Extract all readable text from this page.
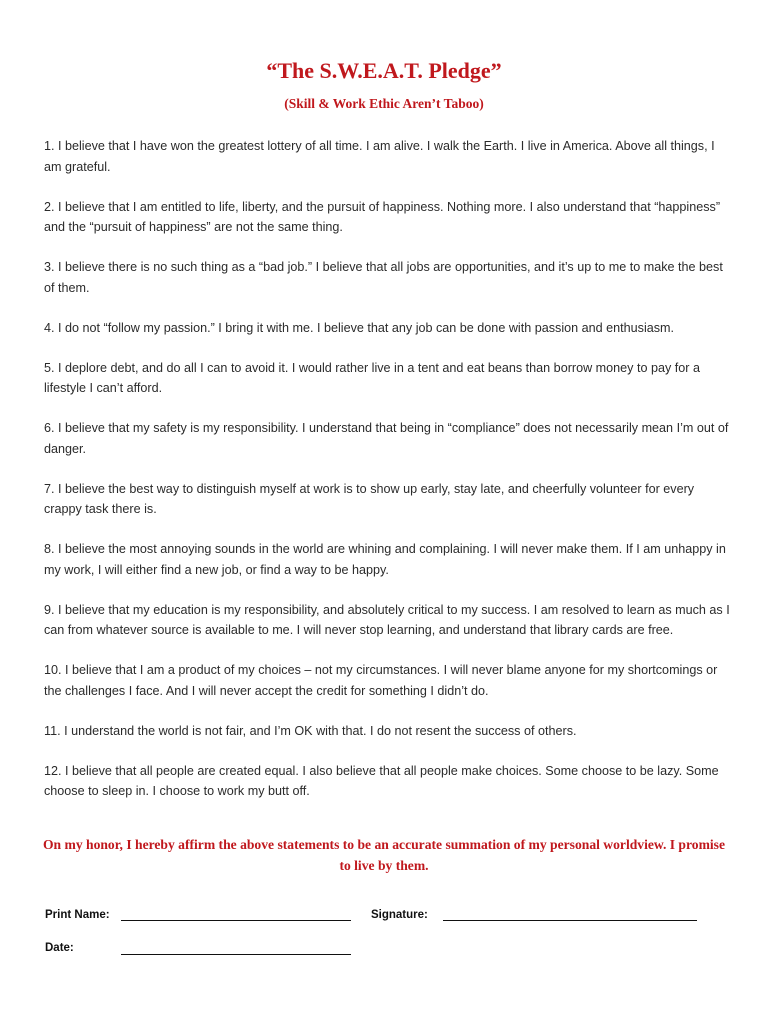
“The S.W.E.A.T. Pledge”
(Skill & Work Ethic Aren’t Taboo)
1. I believe that I have won the greatest lottery of all time. I am alive. I walk the Earth. I live in America. Above all things, I am grateful.
2. I believe that I am entitled to life, liberty, and the pursuit of happiness. Nothing more. I also understand that “happiness” and the “pursuit of happiness” are not the same thing.
3. I believe there is no such thing as a “bad job.” I believe that all jobs are opportunities, and it’s up to me to make the best of them.
4. I do not “follow my passion.” I bring it with me. I believe that any job can be done with passion and enthusiasm.
5. I deplore debt, and do all I can to avoid it. I would rather live in a tent and eat beans than borrow money to pay for a lifestyle I can’t afford.
6. I believe that my safety is my responsibility. I understand that being in “compliance” does not necessarily mean I’m out of danger.
7. I believe the best way to distinguish myself at work is to show up early, stay late, and cheerfully volunteer for every crappy task there is.
8. I believe the most annoying sounds in the world are whining and complaining. I will never make them. If I am unhappy in my work, I will either find a new job, or find a way to be happy.
9. I believe that my education is my responsibility, and absolutely critical to my success. I am resolved to learn as much as I can from whatever source is available to me. I will never stop learning, and understand that library cards are free.
10. I believe that I am a product of my choices – not my circumstances. I will never blame anyone for my shortcomings or the challenges I face. And I will never accept the credit for something I didn’t do.
11. I understand the world is not fair, and I’m OK with that. I do not resent the success of others.
12. I believe that all people are created equal. I also believe that all people make choices. Some choose to be lazy. Some choose to sleep in. I choose to work my butt off.
On my honor, I hereby affirm the above statements to be an accurate summation of my personal worldview. I promise to live by them.
Print Name:	Signature:
Date:
